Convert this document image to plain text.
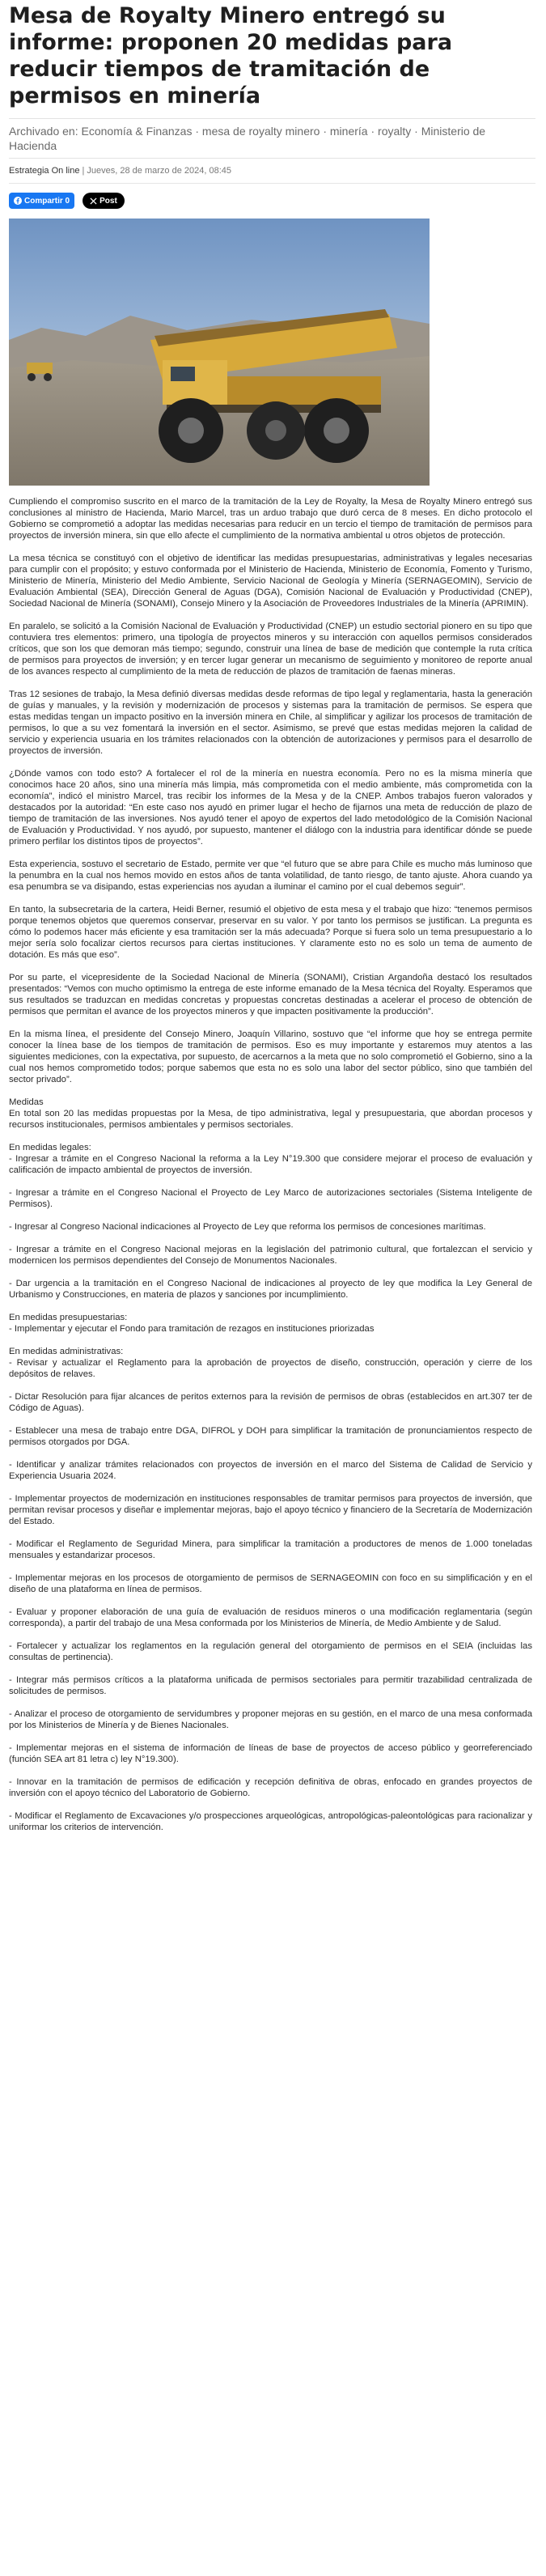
Mesa de Royalty Minero entregó su informe: proponen 20 medidas para reducir tiempos de tramitación de permisos en minería
Archivado en: Economía & Finanzas · mesa de royalty minero · minería · royalty · Ministerio de Hacienda
Estrategia On line | Jueves, 28 de marzo de 2024, 08:45
Compartir 0	Post

Cumpliendo el compromiso suscrito en el marco de la tramitación de la Ley de Royalty, la Mesa de Royalty Minero entregó sus conclusiones al ministro de Hacienda, Mario Marcel, tras un arduo trabajo que duró cerca de 8 meses. En dicho protocolo el Gobierno se comprometió a adoptar las medidas necesarias para reducir en un tercio el tiempo de tramitación de permisos para proyectos de inversión minera, sin que ello afecte el cumplimiento de la normativa ambiental u otros objetos de protección.

La mesa técnica se constituyó con el objetivo de identificar las medidas presupuestarias, administrativas y legales necesarias para cumplir con el propósito; y estuvo conformada por el Ministerio de Hacienda, Ministerio de Economía, Fomento y Turismo, Ministerio de Minería, Ministerio del Medio Ambiente, Servicio Nacional de Geología y Minería (SERNAGEOMIN), Servicio de Evaluación Ambiental (SEA), Dirección General de Aguas (DGA), Comisión Nacional de Evaluación y Productividad (CNEP), Sociedad Nacional de Minería (SONAMI), Consejo Minero y la Asociación de Proveedores Industriales de la Minería (APRIMIN).

En paralelo, se solicitó a la Comisión Nacional de Evaluación y Productividad (CNEP) un estudio sectorial pionero en su tipo que contuviera tres elementos: primero, una tipología de proyectos mineros y su interacción con aquellos permisos considerados críticos, que son los que demoran más tiempo; segundo, construir una línea de base de medición que contemple la ruta crítica de permisos para proyectos de inversión; y en tercer lugar generar un mecanismo de seguimiento y monitoreo de reporte anual de los avances respecto al cumplimiento de la meta de reducción de plazos de tramitación de faenas mineras.

Tras 12 sesiones de trabajo, la Mesa definió diversas medidas desde reformas de tipo legal y reglamentaria, hasta la generación de guías y manuales, y la revisión y modernización de procesos y sistemas para la tramitación de permisos. Se espera que estas medidas tengan un impacto positivo en la inversión minera en Chile, al simplificar y agilizar los procesos de tramitación de permisos, lo que a su vez fomentará la inversión en el sector. Asimismo, se prevé que estas medidas mejoren la calidad de servicio y experiencia usuaria en los trámites relacionados con la obtención de autorizaciones y permisos para el desarrollo de proyectos de inversión.

¿Dónde vamos con todo esto? A fortalecer el rol de la minería en nuestra economía. Pero no es la misma minería que conocimos hace 20 años, sino una minería más limpia, más comprometida con el medio ambiente, más comprometida con la economía”, indicó el ministro Marcel, tras recibir los informes de la Mesa y de la CNEP. Ambos trabajos fueron valorados y destacados por la autoridad: “En este caso nos ayudó en primer lugar el hecho de fijarnos una meta de reducción de plazo de tiempo de tramitación de las inversiones. Nos ayudó tener el apoyo de expertos del lado metodológico de la Comisión Nacional de Evaluación y Productividad. Y nos ayudó, por supuesto, mantener el diálogo con la industria para identificar dónde se puede primero perfilar los distintos tipos de proyectos”.

Esta experiencia, sostuvo el secretario de Estado, permite ver que “el futuro que se abre para Chile es mucho más luminoso que la penumbra en la cual nos hemos movido en estos años de tanta volatilidad, de tanto riesgo, de tanto ajuste. Ahora cuando ya esa penumbra se va disipando, estas experiencias nos ayudan a iluminar el camino por el cual debemos seguir”.

En tanto, la subsecretaria de la cartera, Heidi Berner, resumió el objetivo de esta mesa y el trabajo que hizo: “tenemos permisos porque tenemos objetos que queremos conservar, preservar en su valor. Y por tanto los permisos se justifican. La pregunta es cómo lo podemos hacer más eficiente y esa tramitación ser la más adecuada? Porque si fuera solo un tema presupuestario a lo mejor sería solo focalizar ciertos recursos para ciertas instituciones. Y claramente esto no es solo un tema de aumento de dotación. Es más que eso”.

Por su parte, el vicepresidente de la Sociedad Nacional de Minería (SONAMI), Cristian Argandoña destacó los resultados presentados: “Vemos con mucho optimismo la entrega de este informe emanado de la Mesa técnica del Royalty. Esperamos que sus resultados se traduzcan en medidas concretas y propuestas concretas destinadas a acelerar el proceso de obtención de permisos que permitan el avance de los proyectos mineros y que impacten positivamente la producción”.

En la misma línea, el presidente del Consejo Minero, Joaquín Villarino, sostuvo que “el informe que hoy se entrega permite conocer la línea base de los tiempos de tramitación de permisos. Eso es muy importante y estaremos muy atentos a las siguientes mediciones, con la expectativa, por supuesto, de acercarnos a la meta que no solo comprometió el Gobierno, sino a la cual nos hemos comprometido todos; porque sabemos que esta no es solo una labor del sector público, sino que también del sector privado”.

Medidas

En total son 20 las medidas propuestas por la Mesa, de tipo administrativa, legal y presupuestaria, que abordan procesos y recursos institucionales, permisos ambientales y permisos sectoriales.

En medidas legales:

- Ingresar a trámite en el Congreso Nacional la reforma a la Ley N°19.300 que considere mejorar el proceso de evaluación y calificación de impacto ambiental de proyectos de inversión.

- Ingresar a trámite en el Congreso Nacional el Proyecto de Ley Marco de autorizaciones sectoriales (Sistema Inteligente de Permisos).

- Ingresar al Congreso Nacional indicaciones al Proyecto de Ley que reforma los permisos de concesiones marítimas.

- Ingresar a trámite en el Congreso Nacional mejoras en la legislación del patrimonio cultural, que fortalezcan el servicio y modernicen los permisos dependientes del Consejo de Monumentos Nacionales.

- Dar urgencia a la tramitación en el Congreso Nacional de indicaciones al proyecto de ley que modifica la Ley General de Urbanismo y Construcciones, en materia de plazos y sanciones por incumplimiento.

En medidas presupuestarias:

- Implementar y ejecutar el Fondo para tramitación de rezagos en instituciones priorizadas

En medidas administrativas:

- Revisar y actualizar el Reglamento para la aprobación de proyectos de diseño, construcción, operación y cierre de los depósitos de relaves.

- Dictar Resolución para fijar alcances de peritos externos para la revisión de permisos de obras (establecidos en art.307 ter de Código de Aguas).

- Establecer una mesa de trabajo entre DGA, DIFROL y DOH para simplificar la tramitación de pronunciamientos respecto de permisos otorgados por DGA.

- Identificar y analizar trámites relacionados con proyectos de inversión en el marco del Sistema de Calidad de Servicio y Experiencia Usuaria 2024.

- Implementar proyectos de modernización en instituciones responsables de tramitar permisos para proyectos de inversión, que permitan revisar procesos y diseñar e implementar mejoras, bajo el apoyo técnico y financiero de la Secretaría de Modernización del Estado.

- Modificar el Reglamento de Seguridad Minera, para simplificar la tramitación a productores de menos de 1.000 toneladas mensuales y estandarizar procesos.

- Implementar mejoras en los procesos de otorgamiento de permisos de SERNAGEOMIN con foco en su simplificación y en el diseño de una plataforma en línea de permisos.

- Evaluar y proponer elaboración de una guía de evaluación de residuos mineros o una modificación reglamentaria (según corresponda), a partir del trabajo de una Mesa conformada por los Ministerios de Minería, de Medio Ambiente y de Salud.

- Fortalecer y actualizar los reglamentos en la regulación general del otorgamiento de permisos en el SEIA (incluidas las consultas de pertinencia).

- Integrar más permisos críticos a la plataforma unificada de permisos sectoriales para permitir trazabilidad centralizada de solicitudes de permisos.

- Analizar el proceso de otorgamiento de servidumbres y proponer mejoras en su gestión, en el marco de una mesa conformada por los Ministerios de Minería y de Bienes Nacionales.

- Implementar mejoras en el sistema de información de líneas de base de proyectos de acceso público y georreferenciado (función SEA art 81 letra c) ley N°19.300).

- Innovar en la tramitación de permisos de edificación y recepción definitiva de obras, enfocado en grandes proyectos de inversión con el apoyo técnico del Laboratorio de Gobierno.

- Modificar el Reglamento de Excavaciones y/o prospecciones arqueológicas, antropológicas-paleontológicas para racionalizar y uniformar los criterios de intervención.
